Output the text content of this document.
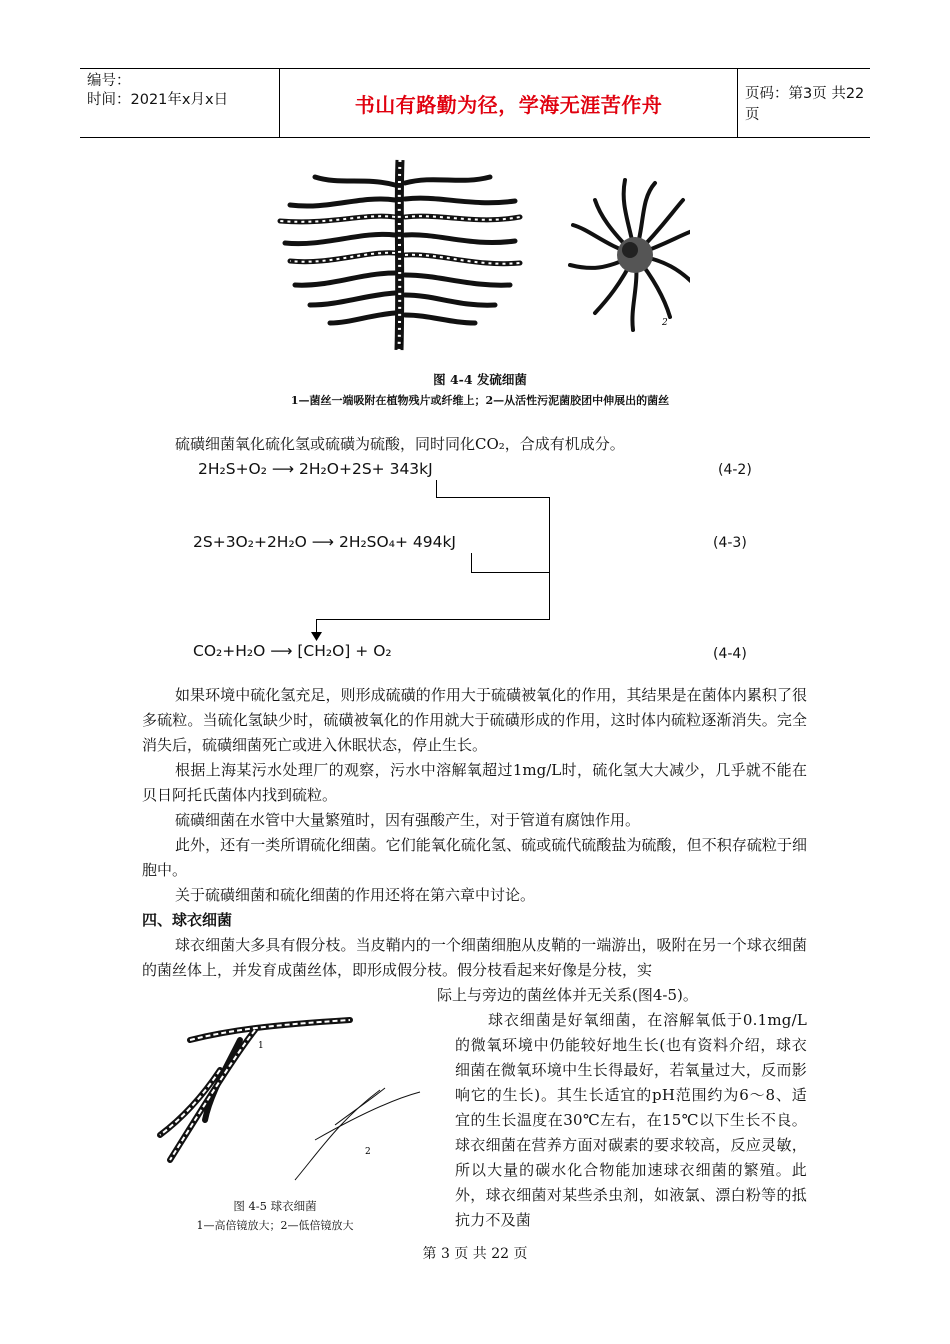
编号：
时间：2021年x月x日	书山有路勤为径，学海无涯苦作舟	页码：第3页 共22页
1
2
图 4-4 发硫细菌
1—菌丝一端吸附在植物残片或纤维上；2—从活性污泥菌胶团中伸展出的菌丝
硫磺细菌氧化硫化氢或硫磺为硫酸，同时同化CO₂，合成有机成分。
2H₂S+O₂ ⟶ 2H₂O+2S+ 343kJ	(4-2)
2S+3O₂+2H₂O ⟶ 2H₂SO₄+ 494kJ	(4-3)
CO₂+H₂O ⟶ [CH₂O] + O₂	(4-4)
如果环境中硫化氢充足，则形成硫磺的作用大于硫磺被氧化的作用，其结果是在菌体内累积了很多硫粒。当硫化氢缺少时，硫磺被氧化的作用就大于硫磺形成的作用，这时体内硫粒逐渐消失。完全消失后，硫磺细菌死亡或进入休眠状态，停止生长。
根据上海某污水处理厂的观察，污水中溶解氧超过1mg/L时，硫化氢大大减少，几乎就不能在贝日阿托氏菌体内找到硫粒。
硫磺细菌在水管中大量繁殖时，因有强酸产生，对于管道有腐蚀作用。
此外，还有一类所谓硫化细菌。它们能氧化硫化氢、硫或硫代硫酸盐为硫酸，但不积存硫粒于细胞中。
关于硫磺细菌和硫化细菌的作用还将在第六章中讨论。
四、球衣细菌
球衣细菌大多具有假分枝。当皮鞘内的一个细菌细胞从皮鞘的一端游出，吸附在另一个球衣细菌的菌丝体上，并发育成菌丝体，即形成假分枝。假分枝看起来好像是分枝，实
际上与旁边的菌丝体并无关系(图4-5)。
球衣细菌是好氧细菌，在溶解氧低于0.1mg/L的微氧环境中仍能较好地生长(也有资料介绍，球衣细菌在微氧环境中生长得最好，若氧量过大，反而影响它的生长)。其生长适宜的pH范围约为6～8、适宜的生长温度在30℃左右，在15℃以下生长不良。球衣细菌在营养方面对碳素的要求较高，反应灵敏，所以大量的碳水化合物能加速球衣细菌的繁殖。此外，球衣细菌对某些杀虫剂，如液氯、漂白粉等的抵抗力不及菌
1
2
图 4-5 球衣细菌
1—高倍镜放大；2—低倍镜放大
第 3 页 共 22 页
